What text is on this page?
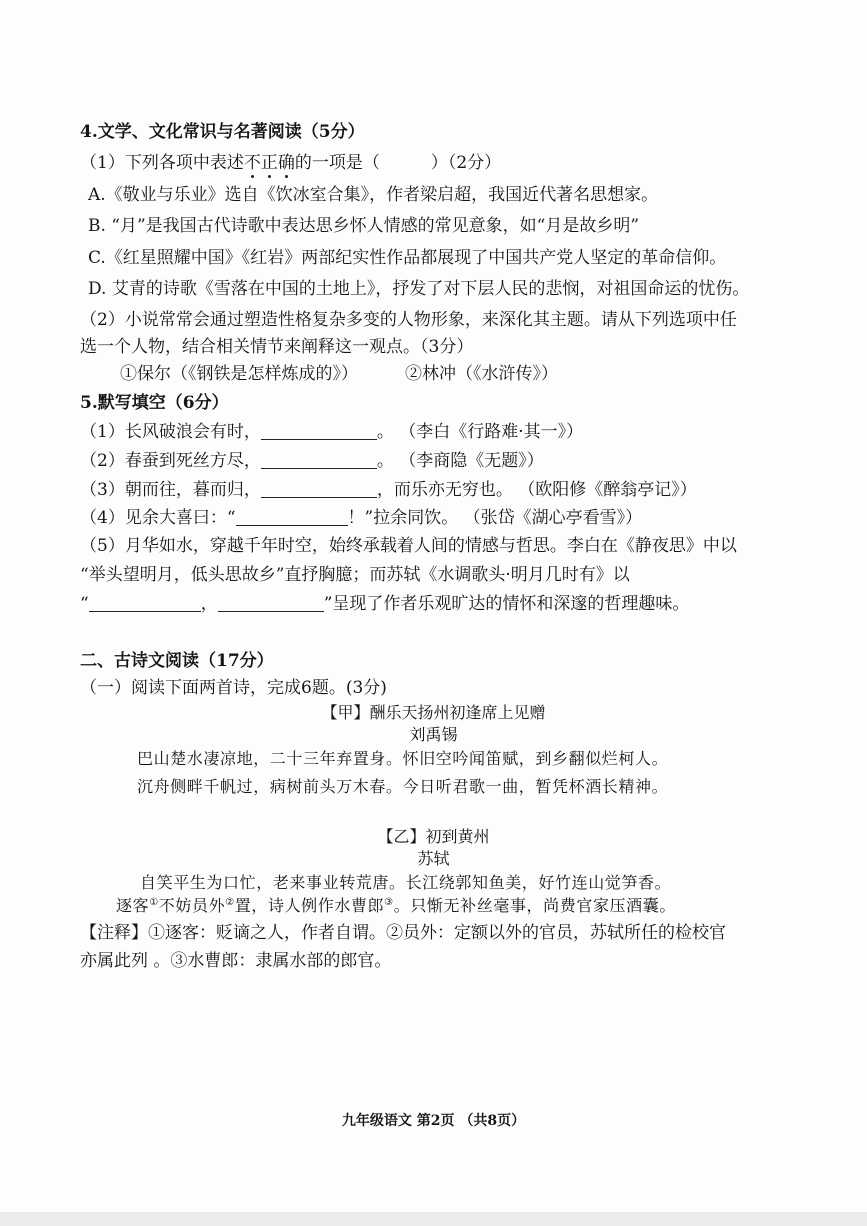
4.文学、文化常识与名著阅读（5分）
（1）下列各项中表述不正确的一项是（　　　）（2分）
A.《敬业与乐业》选自《饮冰室合集》，作者梁启超，我国近代著名思想家。
B. “月”是我国古代诗歌中表达思乡怀人情感的常见意象，如“月是故乡明”
C.《红星照耀中国》《红岩》两部纪实性作品都展现了中国共产党人坚定的革命信仰。
D. 艾青的诗歌《雪落在中国的土地上》，抒发了对下层人民的悲悯，对祖国命运的忧伤。
（2）小说常常会通过塑造性格复杂多变的人物形象，来深化其主题。请从下列选项中任
选一个人物，结合相关情节来阐释这一观点。（3分）
①保尔（《钢铁是怎样炼成的》）	②林冲（《水浒传》）
5.默写填空（6分）
（1）长风破浪会有时，	。 （李白《行路难·其一》）
（2）春蚕到死丝方尽，	。 （李商隐《无题》）
（3）朝而往，暮而归，	，而乐亦无穷也。 （欧阳修《醉翁亭记》）
（4）见余大喜曰：“	！”拉余同饮。 （张岱《湖心亭看雪》）
（5）月华如水，穿越千年时空，始终承载着人间的情感与哲思。李白在《静夜思》中以
“举头望明月，低头思故乡”直抒胸臆；而苏轼《水调歌头·明月几时有》以
“	，	”呈现了作者乐观旷达的情怀和深邃的哲理趣味。
二、古诗文阅读（17分）
（一）阅读下面两首诗，完成6题。(3分)
【甲】酬乐天扬州初逢席上见赠
刘禹锡
巴山楚水凄凉地，二十三年弃置身。怀旧空吟闻笛赋，到乡翻似烂柯人。
沉舟侧畔千帆过，病树前头万木春。今日听君歌一曲，暂凭杯酒长精神。
【乙】初到黄州
苏轼
自笑平生为口忙，老来事业转荒唐。长江绕郭知鱼美，好竹连山觉笋香。
逐客①不妨员外②置，诗人例作水曹郎③。只惭无补丝毫事，尚费官家压酒囊。
【注释】①逐客：贬谪之人，作者自谓。②员外：定额以外的官员，苏轼所任的检校官
亦属此列 。③水曹郎：隶属水部的郎官。
九年级语文 第2页 （共8页）
